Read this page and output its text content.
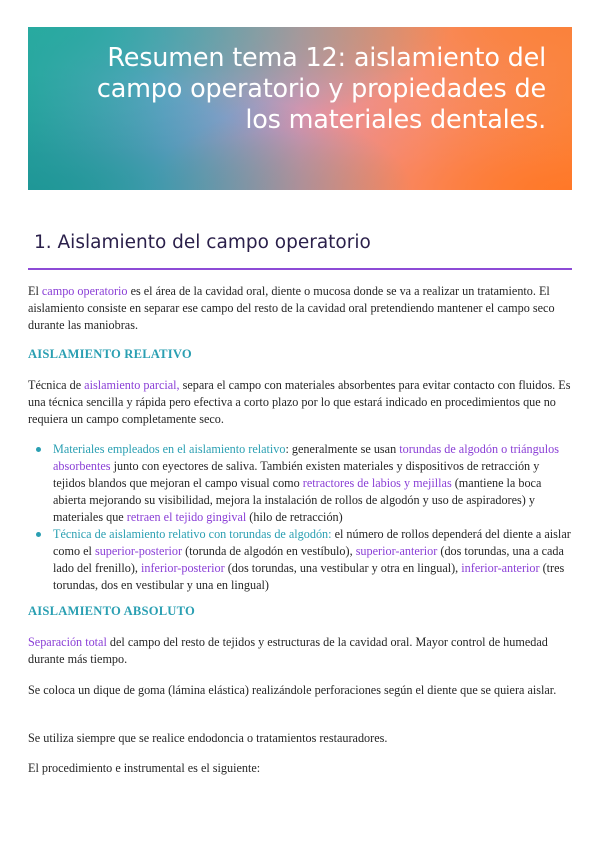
Resumen tema 12: aislamiento del campo operatorio y propiedades de los materiales dentales.
1. Aislamiento del campo operatorio

El campo operatorio es el área de la cavidad oral, diente o mucosa donde se va a realizar un tratamiento. El aislamiento consiste en separar ese campo del resto de la cavidad oral pretendiendo mantener el campo seco durante las maniobras.

AISLAMIENTO RELATIVO

Técnica de aislamiento parcial, separa el campo con materiales absorbentes para evitar contacto con fluidos. Es una técnica sencilla y rápida pero efectiva a corto plazo por lo que estará indicado en procedimientos que no requiera un campo completamente seco.

Materiales empleados en el aislamiento relativo: generalmente se usan torundas de algodón o triángulos absorbentes junto con eyectores de saliva. También existen materiales y dispositivos de retracción y tejidos blandos que mejoran el campo visual como retractores de labios y mejillas (mantiene la boca abierta mejorando su visibilidad, mejora la instalación de rollos de algodón y uso de aspiradores) y materiales que retraen el tejido gingival (hilo de retracción)
Técnica de aislamiento relativo con torundas de algodón: el número de rollos dependerá del diente a aislar como el superior-posterior (torunda de algodón en vestíbulo), superior-anterior (dos torundas, una a cada lado del frenillo), inferior-posterior (dos torundas, una vestibular y otra en lingual), inferior-anterior (tres torundas, dos en vestibular y una en lingual)
AISLAMIENTO ABSOLUTO

Separación total del campo del resto de tejidos y estructuras de la cavidad oral. Mayor control de humedad durante más tiempo.

Se coloca un dique de goma (lámina elástica) realizándole perforaciones según el diente que se quiera aislar.

Se utiliza siempre que se realice endodoncia o tratamientos restauradores.

El procedimiento e instrumental es el siguiente:
